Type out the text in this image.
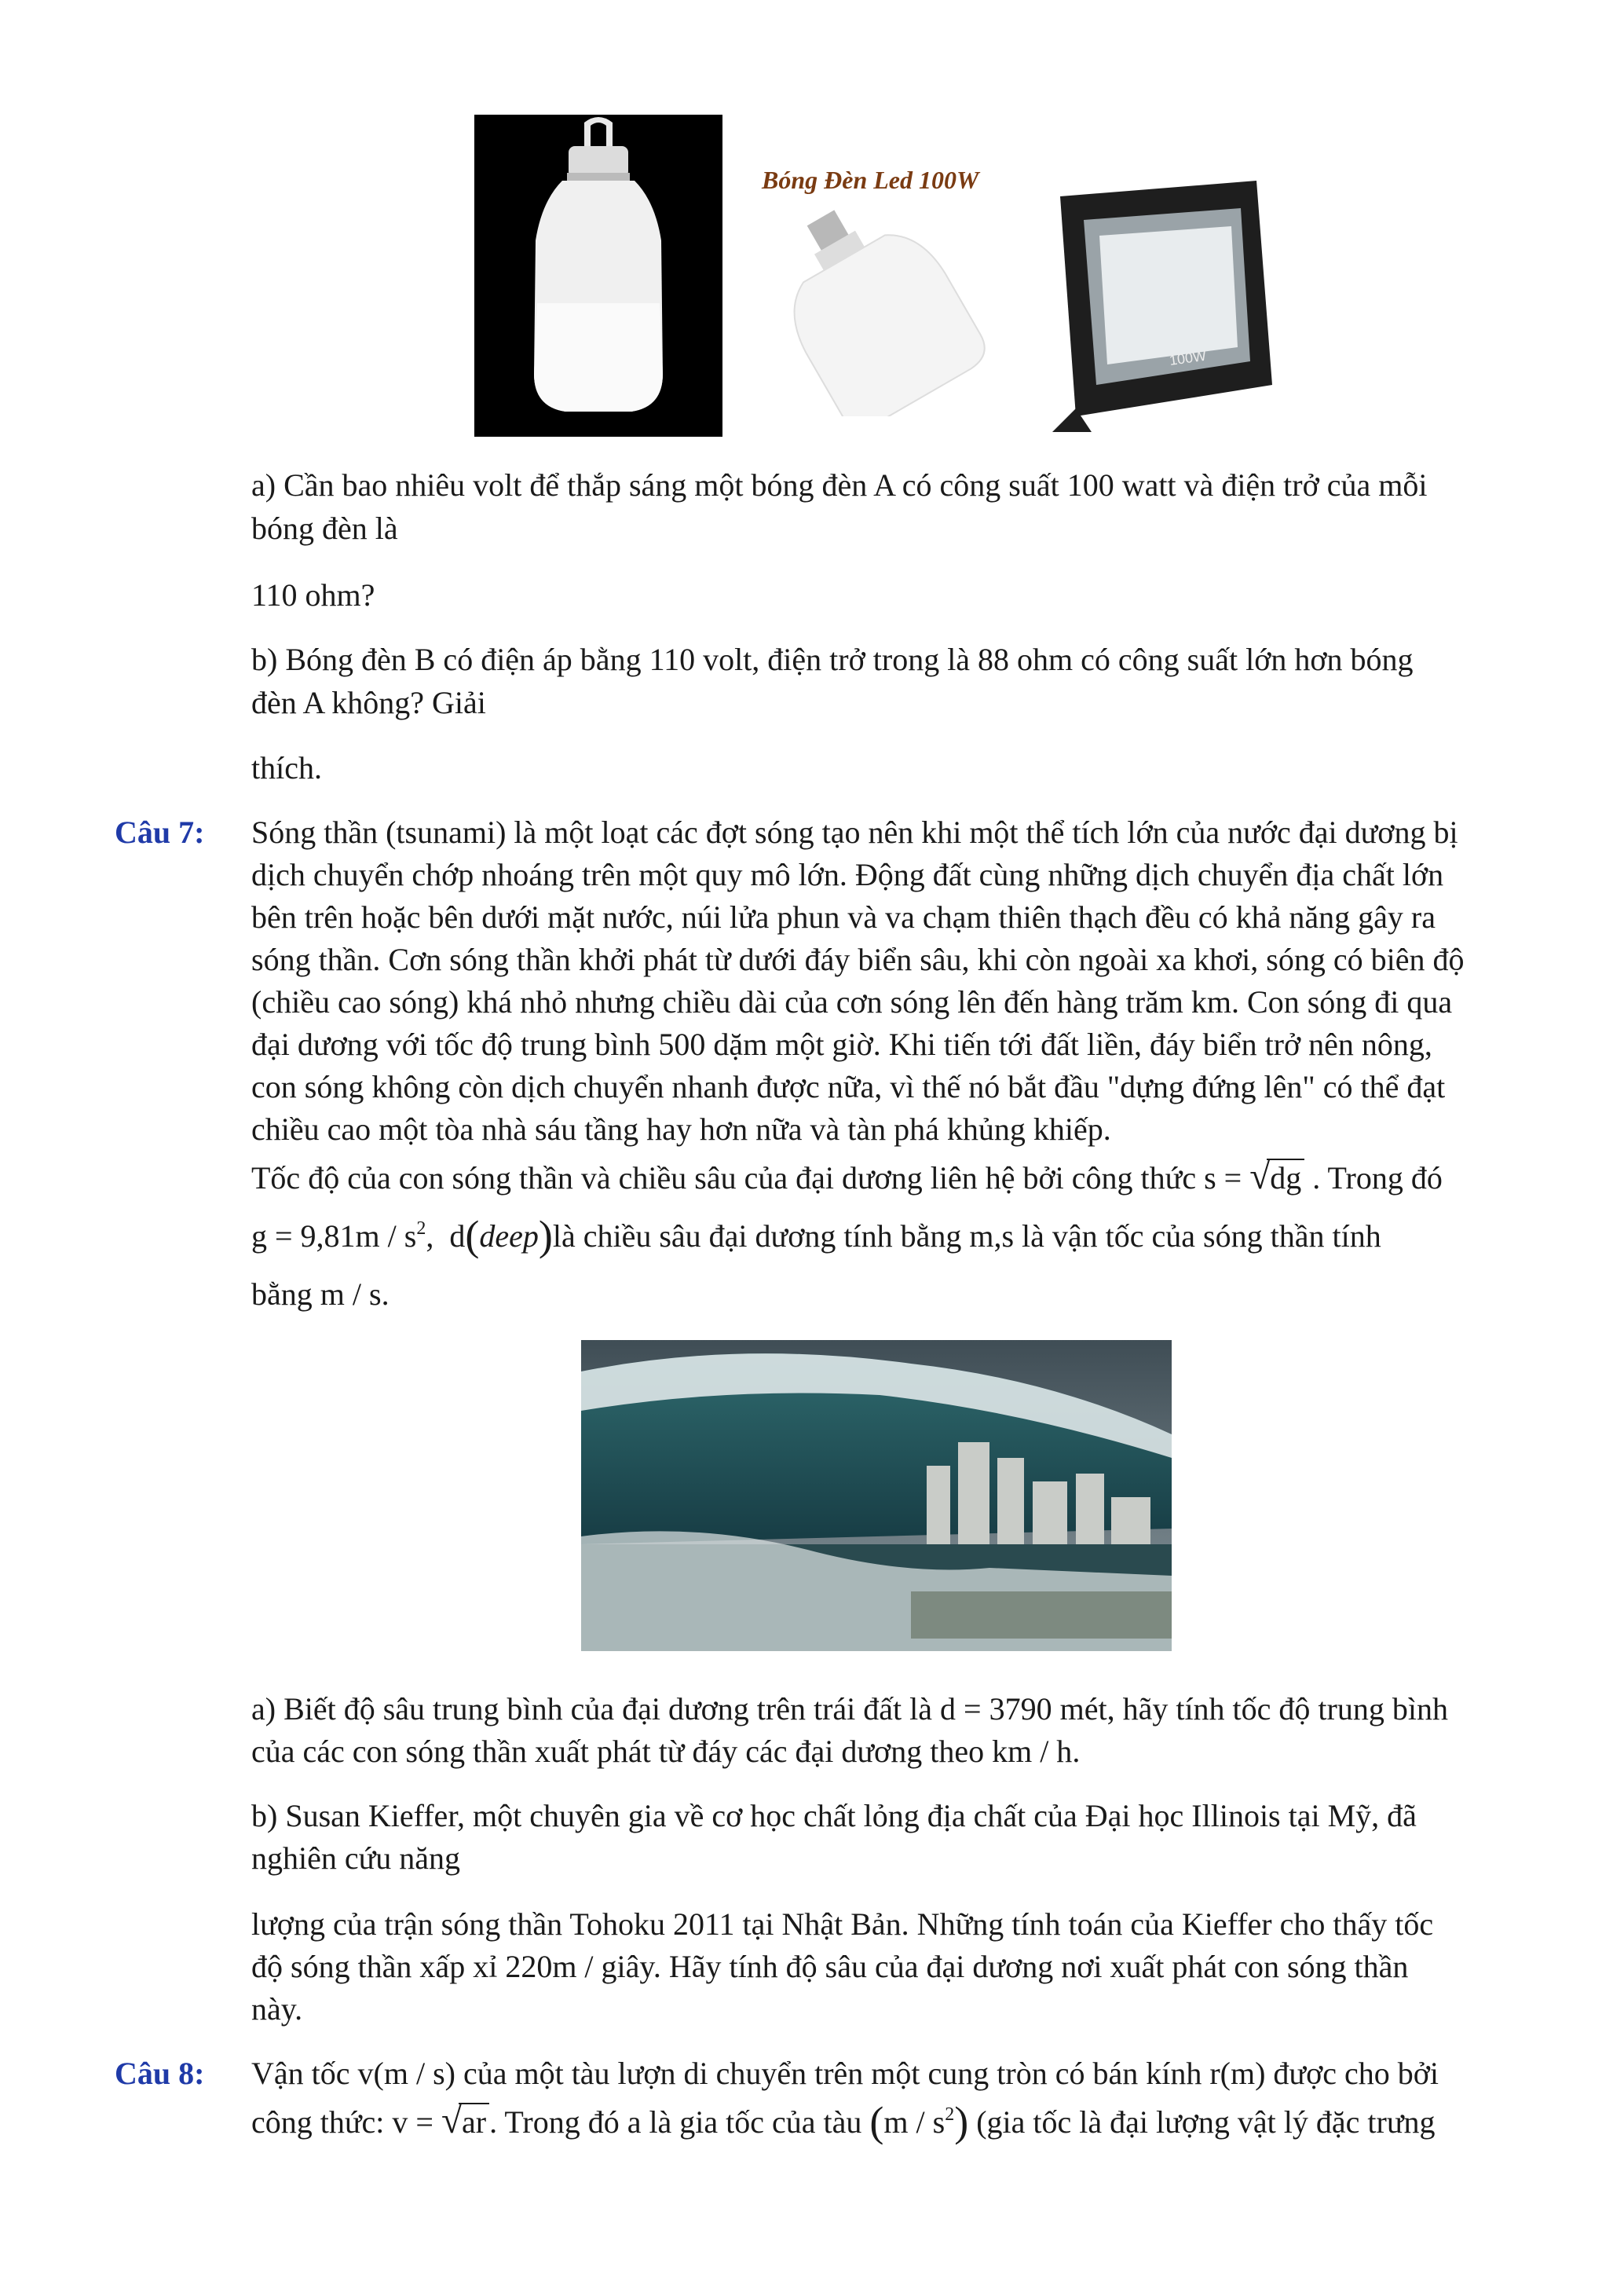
Bóng Đèn Led 100W
100W
a) Cần bao nhiêu volt để thắp sáng một bóng đèn A có công suất 100 watt và điện trở của mỗi
bóng đèn là
110 ohm?
b) Bóng đèn B có điện áp bằng 110 volt, điện trở trong là 88 ohm có công suất lớn hơn bóng
đèn A không? Giải
thích.
Câu 7: Sóng thần (tsunami) là một loạt các đợt sóng tạo nên khi một thể tích lớn của nước đại dương bị
dịch chuyển chớp nhoáng trên một quy mô lớn. Động đất cùng những dịch chuyển địa chất lớn
bên trên hoặc bên dưới mặt nước, núi lửa phun và va chạm thiên thạch đều có khả năng gây ra
sóng thần. Cơn sóng thần khởi phát từ dưới đáy biển sâu, khi còn ngoài xa khơi, sóng có biên độ
(chiều cao sóng) khá nhỏ nhưng chiều dài của cơn sóng lên đến hàng trăm km. Con sóng đi qua
đại dương với tốc độ trung bình 500 dặm một giờ. Khi tiến tới đất liền, đáy biển trở nên nông,
con sóng không còn dịch chuyển nhanh được nữa, vì thế nó bắt đầu "dựng đứng lên" có thể đạt
chiều cao một tòa nhà sáu tầng hay hơn nữa và tàn phá khủng khiếp.
Tốc độ của con sóng thần và chiều sâu của đại dương liên hệ bởi công thức s = √ dg . Trong đó
$g = 9,81m / s^2$,  d(deep)là chiều sâu đại dương tính bằng m,s là vận tốc của sóng thần tính
bằng m / s.
a) Biết độ sâu trung bình của đại dương trên trái đất là d = 3790 mét, hãy tính tốc độ trung bình
của các con sóng thần xuất phát từ đáy các đại dương theo km / h.
b) Susan Kieffer, một chuyên gia về cơ học chất lỏng địa chất của Đại học Illinois tại Mỹ, đã
nghiên cứu năng
lượng của trận sóng thần Tohoku 2011 tại Nhật Bản. Những tính toán của Kieffer cho thấy tốc
độ sóng thần xấp xỉ 220m / giây. Hãy tính độ sâu của đại dương nơi xuất phát con sóng thần
này.
Câu 8: Vận tốc v(m / s) của một tàu lượn di chuyển trên một cung tròn có bán kính r(m) được cho bởi
công thức: v = √ ar . Trong đó a là gia tốc của tàu $(m / s^2)$ (gia tốc là đại lượng vật lý đặc trưng
